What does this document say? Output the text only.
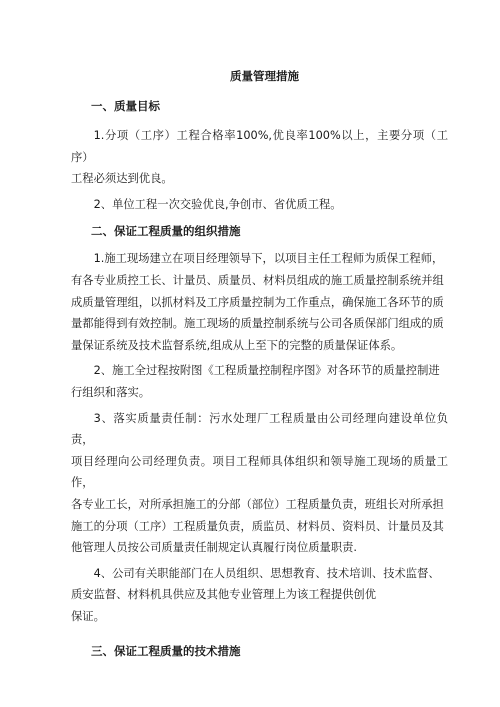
质量管理措施
一、质量目标

1.分项（工序）工程合格率100%,优良率100%以上，主要分项（工序）
工程必须达到优良。

2、单位工程一次交验优良,争创市、省优质工程。

二、保证工程质量的组织措施

1.施工现场建立在项目经理领导下，以项目主任工程师为质保工程师，
有各专业质控工长、计量员、质量员、材料员组成的施工质量控制系统并组
成质量管理组，以抓材料及工序质量控制为工作重点，确保施工各环节的质
量都能得到有效控制。施工现场的质量控制系统与公司各质保部门组成的质
量保证系统及技术监督系统,组成从上至下的完整的质量保证体系。

2、施工全过程按附图《工程质量控制程序图》对各环节的质量控制进
行组织和落实。

3、落实质量责任制：污水处理厂工程质量由公司经理向建设单位负责，
项目经理向公司经理负责。项目工程师具体组织和领导施工现场的质量工作，
各专业工长，对所承担施工的分部（部位）工程质量负责，班组长对所承担
施工的分项（工序）工程质量负责，质监员、材料员、资料员、计量员及其
他管理人员按公司质量责任制规定认真履行岗位质量职责.

4、公司有关职能部门在人员组织、思想教育、技术培训、技术监督、
质安监督、材料机具供应及其他专业管理上为该工程提供创优
保证。

三、保证工程质量的技术措施
